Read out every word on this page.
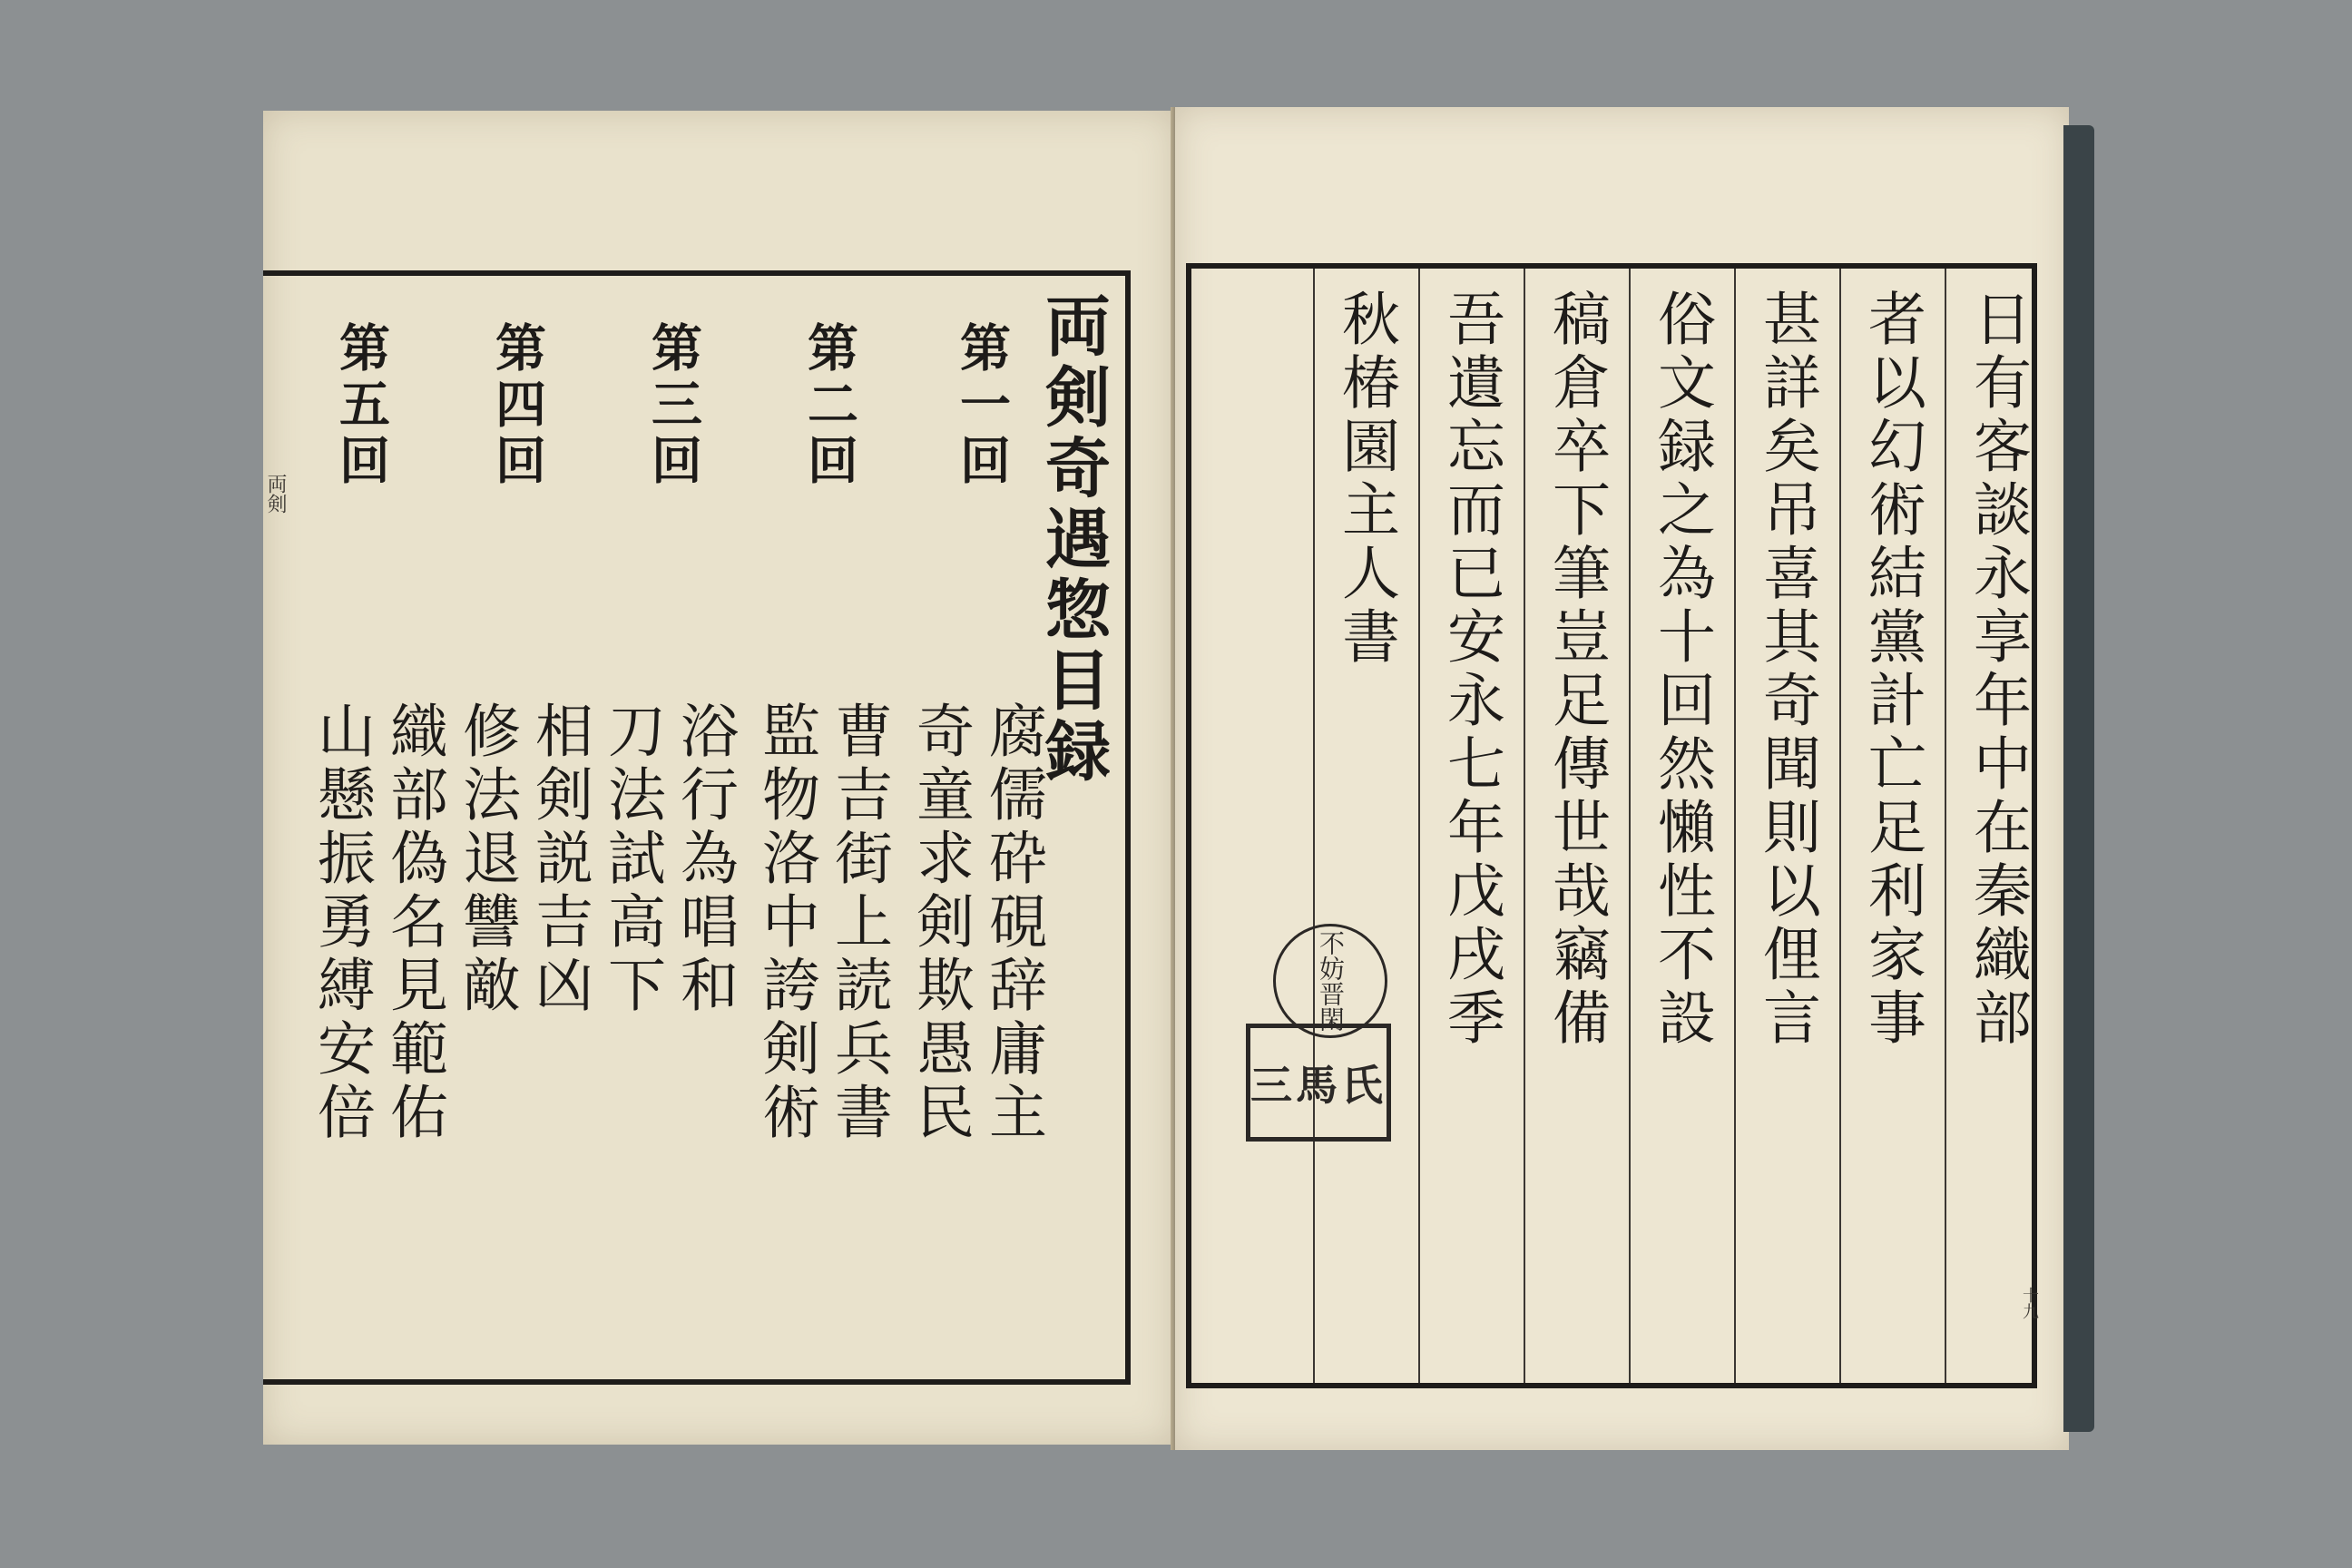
両剣	両剣奇遇惣目録
第一回
第二回
第三回
第四回
第五回
腐儒砕硯辞庸主
奇童求剣欺愚民
曹吉街上読兵書
監物洛中誇剣術
浴行為唱和
刀法試高下
相剣説吉凶
修法退讐敵
織部偽名見範佑
山懸振勇縛安倍	日有客談永享年中在秦織部
者以幻術結黨計亡足利家事
甚詳矣吊喜其奇聞則以俚言
俗文録之為十回然懶性不設
稿倉卒下筆豈足傳世哉竊備
吾遺忘而已安永七年戊戌季
秋椿園主人書
不妨晋閑
三馬氏
十九
